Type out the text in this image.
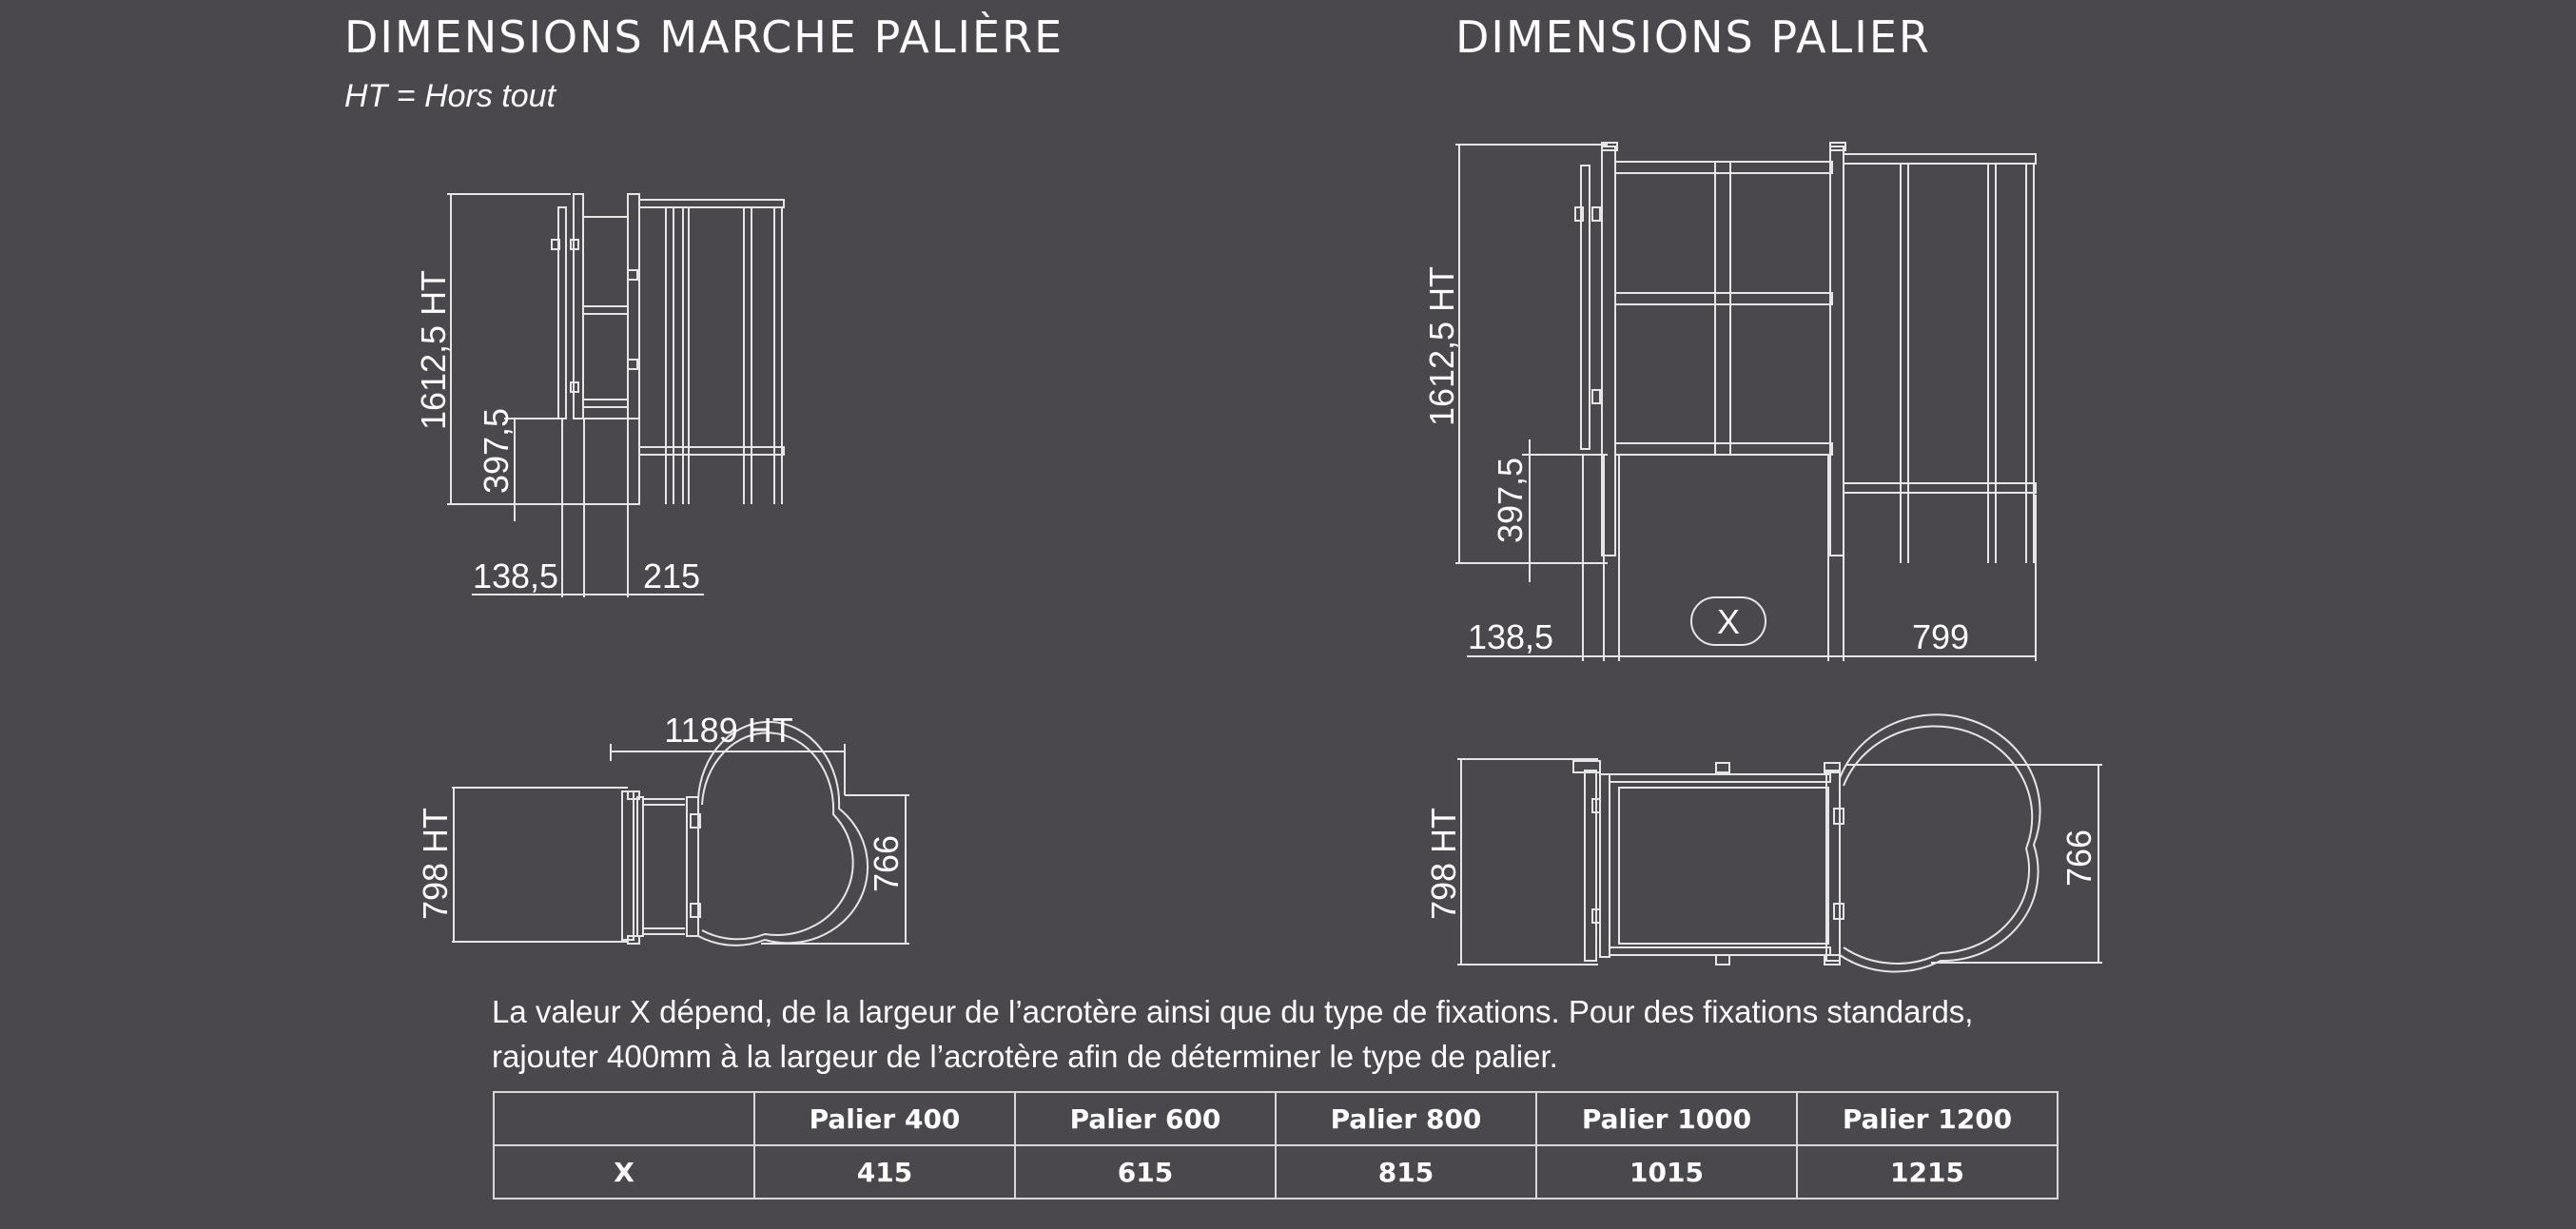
DIMENSIONS MARCHE PALIÈRE	DIMENSIONS PALIER

HT = Hors tout

1612,5 HT
397,5
138,5 215
1189 HT
798 HT	766
1612,5 HT
397,5
138,5	X	799
798 HT	766

La valeur X dépend, de la largeur de l’acrotère ainsi que du type de fixations. Pour des fixations standards,

rajouter 400mm à la largeur de l’acrotère afin de déterminer le type de palier.

	Palier 400	Palier 600	Palier 800	Palier 1000	Palier 1200
X	415	615	815	1015	1215
